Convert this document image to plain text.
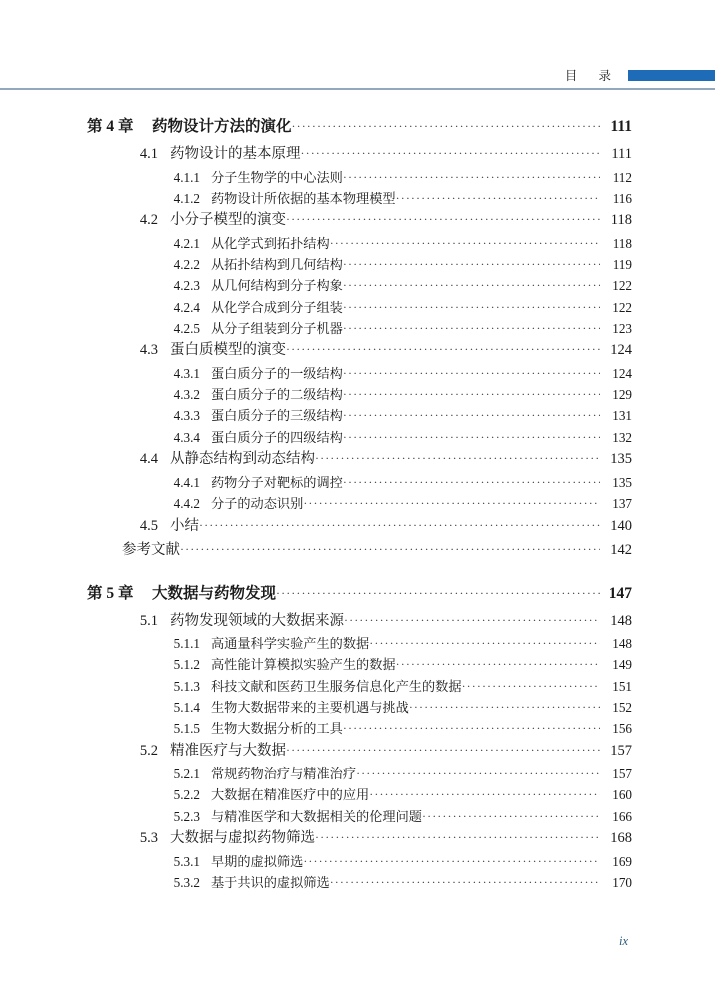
目 录
第 4 章	药物设计方法的演化 ·····	111
4.1 药物设计的基本原理 ·····	111
4.1.1 分子生物学的中心法则 ·····	112
4.1.2 药物设计所依据的基本物理模型 ·····	116
4.2 小分子模型的演变 ·····	118
4.2.1 从化学式到拓扑结构 ·····	118
4.2.2 从拓扑结构到几何结构 ·····	119
4.2.3 从几何结构到分子构象 ·····	122
4.2.4 从化学合成到分子组装 ·····	122
4.2.5 从分子组装到分子机器 ·····	123
4.3 蛋白质模型的演变 ·····	124
4.3.1 蛋白质分子的一级结构 ·····	124
4.3.2 蛋白质分子的二级结构 ·····	129
4.3.3 蛋白质分子的三级结构 ·····	131
4.3.4 蛋白质分子的四级结构 ·····	132
4.4 从静态结构到动态结构 ·····	135
4.4.1 药物分子对靶标的调控 ·····	135
4.4.2 分子的动态识别 ·····	137
4.5 小结 ·····	140
参考文献 ·····	142
第 5 章	大数据与药物发现 ·····	147
5.1 药物发现领域的大数据来源 ·····	148
5.1.1 高通量科学实验产生的数据 ·····	148
5.1.2 高性能计算模拟实验产生的数据 ·····	149
5.1.3 科技文献和医药卫生服务信息化产生的数据 ·····	151
5.1.4 生物大数据带来的主要机遇与挑战 ·····	152
5.1.5 生物大数据分析的工具 ·····	156
5.2 精准医疗与大数据 ·····	157
5.2.1 常规药物治疗与精准治疗 ·····	157
5.2.2 大数据在精准医疗中的应用 ·····	160
5.2.3 与精准医学和大数据相关的伦理问题 ·····	166
5.3 大数据与虚拟药物筛选 ·····	168
5.3.1 早期的虚拟筛选 ·····	169
5.3.2 基于共识的虚拟筛选 ·····	170
ix
